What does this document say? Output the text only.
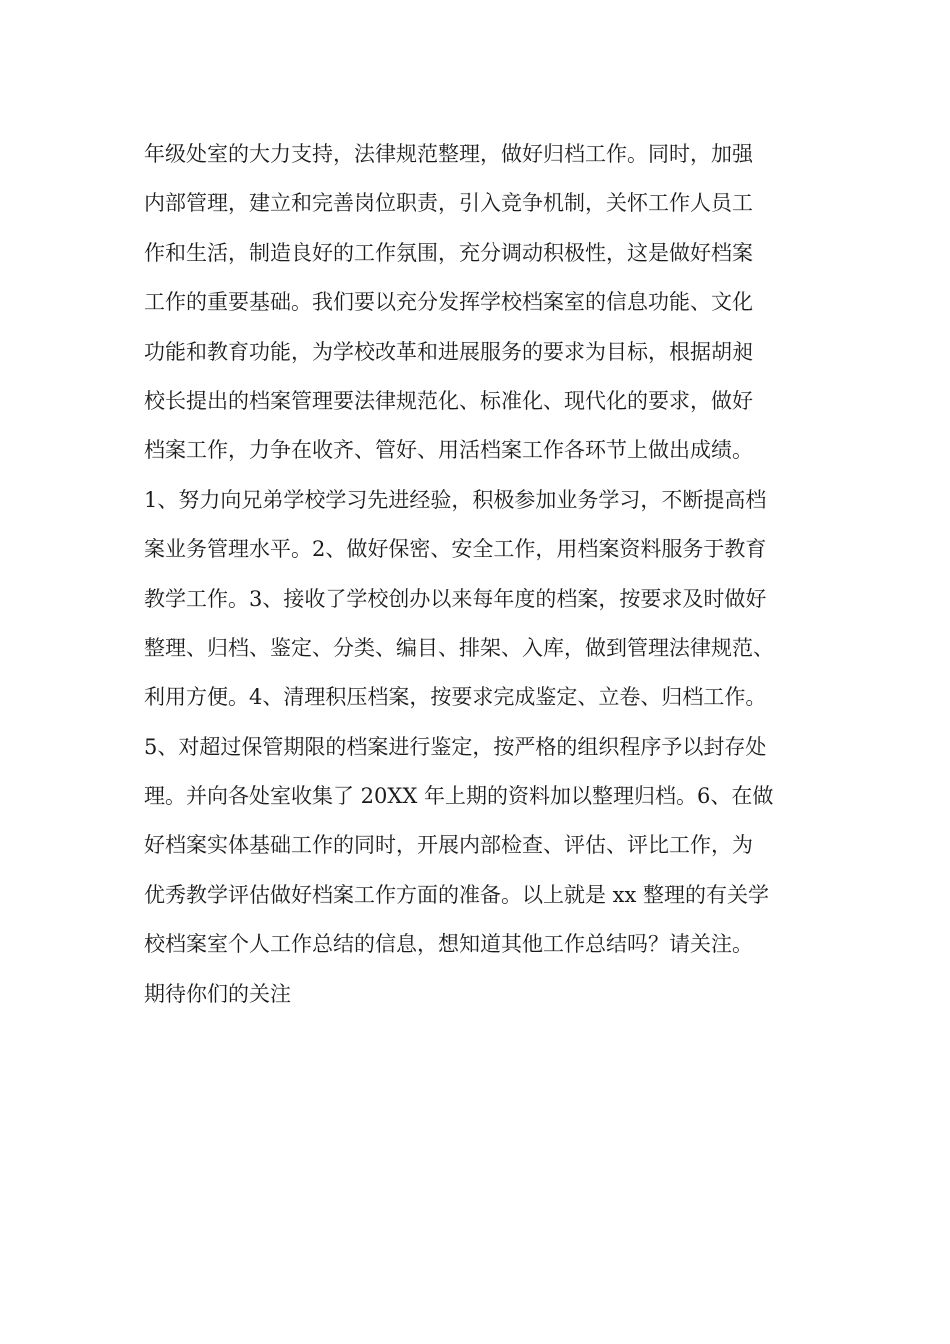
年级处室的大力支持，法律规范整理，做好归档工作。同时，加强
内部管理，建立和完善岗位职责，引入竞争机制，关怀工作人员工
作和生活，制造良好的工作氛围，充分调动积极性，这是做好档案
工作的重要基础。我们要以充分发挥学校档案室的信息功能、文化
功能和教育功能，为学校改革和进展服务的要求为目标，根据胡昶
校长提出的档案管理要法律规范化、标准化、现代化的要求，做好
档案工作，力争在收齐、管好、用活档案工作各环节上做出成绩。
1、努力向兄弟学校学习先进经验，积极参加业务学习，不断提高档
案业务管理水平。2、做好保密、安全工作，用档案资料服务于教育
教学工作。3、接收了学校创办以来每年度的档案，按要求及时做好
整理、归档、鉴定、分类、编目、排架、入库，做到管理法律规范、
利用方便。4、清理积压档案，按要求完成鉴定、立卷、归档工作。
5、对超过保管期限的档案进行鉴定，按严格的组织程序予以封存处
理。并向各处室收集了 20XX 年上期的资料加以整理归档。6、在做
好档案实体基础工作的同时，开展内部检查、评估、评比工作，为
优秀教学评估做好档案工作方面的准备。以上就是 xx 整理的有关学
校档案室个人工作总结的信息，想知道其他工作总结吗？请关注。
期待你们的关注
